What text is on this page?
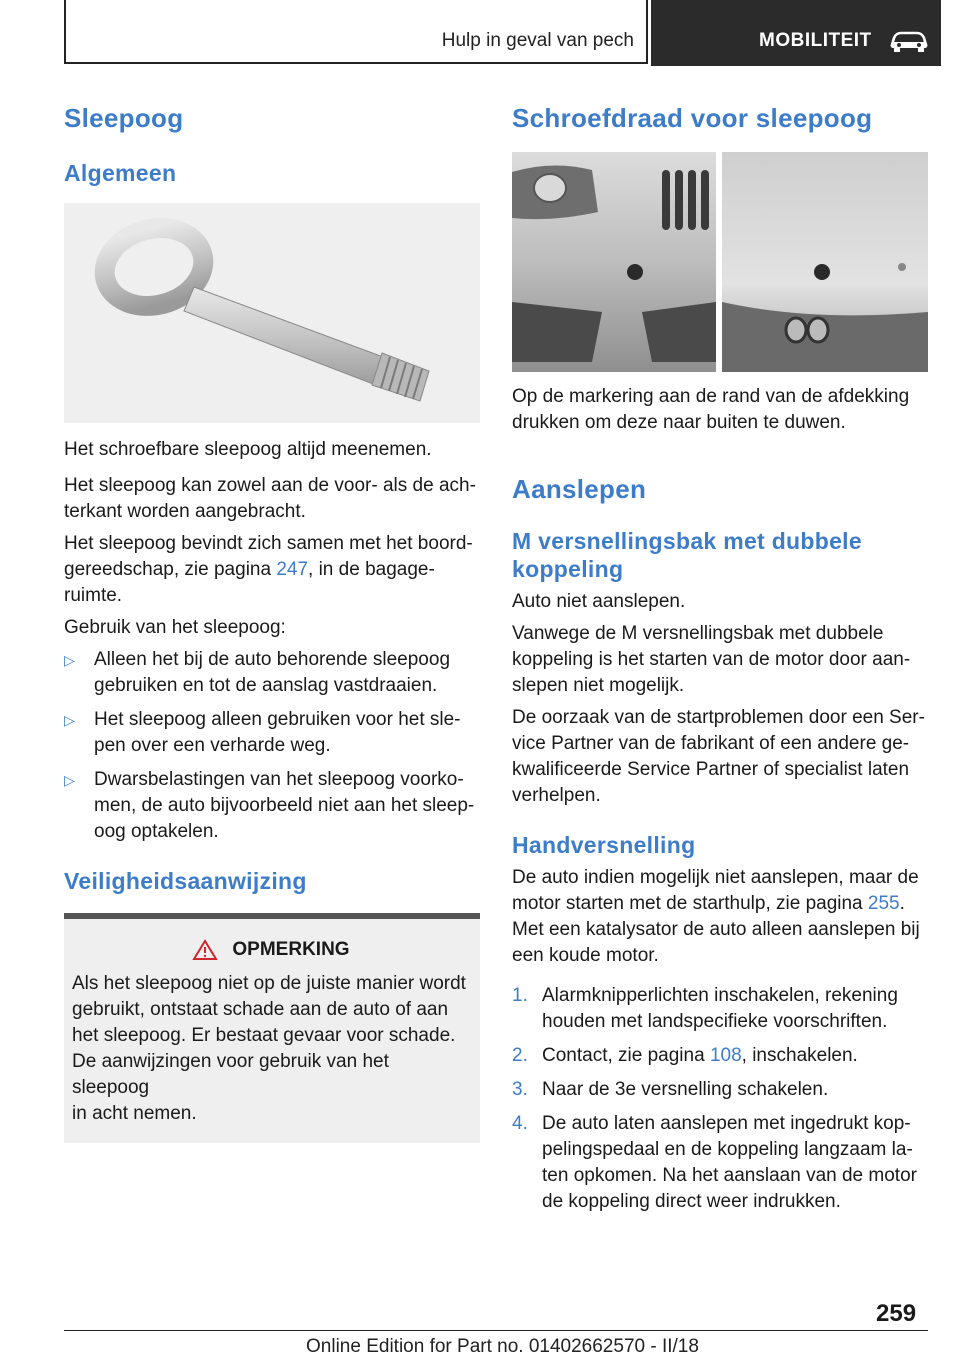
Hulp in geval van pech	MOBILITEIT
Sleepoog
Algemeen

Het schroefbare sleepoog altijd meenemen.

Het sleepoog kan zowel aan de voor- als de ach-
terkant worden aangebracht.

Het sleepoog bevindt zich samen met het boord-
gereedschap, zie pagina 247, in de bagage-
ruimte.

Gebruik van het sleepoog:

▷ Alleen het bij de auto behorende sleepoog
gebruiken en tot de aanslag vastdraaien.
▷ Het sleepoog alleen gebruiken voor het sle-
pen over een verharde weg.
▷ Dwarsbelastingen van het sleepoog voorko-
men, de auto bijvoorbeeld niet aan het sleep-
oog optakelen.
Veiligheidsaanwijzing
OPMERKING

Als het sleepoog niet op de juiste manier wordt
gebruikt, ontstaat schade aan de auto of aan
het sleepoog. Er bestaat gevaar voor schade.
De aanwijzingen voor gebruik van het sleepoog
in acht nemen.

Schroefdraad voor sleepoog

Op de markering aan de rand van de afdekking
drukken om deze naar buiten te duwen.

Aanslepen
M versnellingsbak met dubbele
koppeling

Auto niet aanslepen.

Vanwege de M versnellingsbak met dubbele
koppeling is het starten van de motor door aan-
slepen niet mogelijk.

De oorzaak van de startproblemen door een Ser-
vice Partner van de fabrikant of een andere ge-
kwalificeerde Service Partner of specialist laten
verhelpen.

Handversnelling

De auto indien mogelijk niet aanslepen, maar de
motor starten met de starthulp, zie pagina 255.
Met een katalysator de auto alleen aanslepen bij
een koude motor.

1. Alarmknipperlichten inschakelen, rekening
houden met landspecifieke voorschriften.
2. Contact, zie pagina 108, inschakelen.
3. Naar de 3e versnelling schakelen.
4. De auto laten aanslepen met ingedrukt kop-
pelingspedaal en de koppeling langzaam la-
ten opkomen. Na het aanslaan van de motor
de koppeling direct weer indrukken.
259
Online Edition for Part no. 01402662570 - II/18
